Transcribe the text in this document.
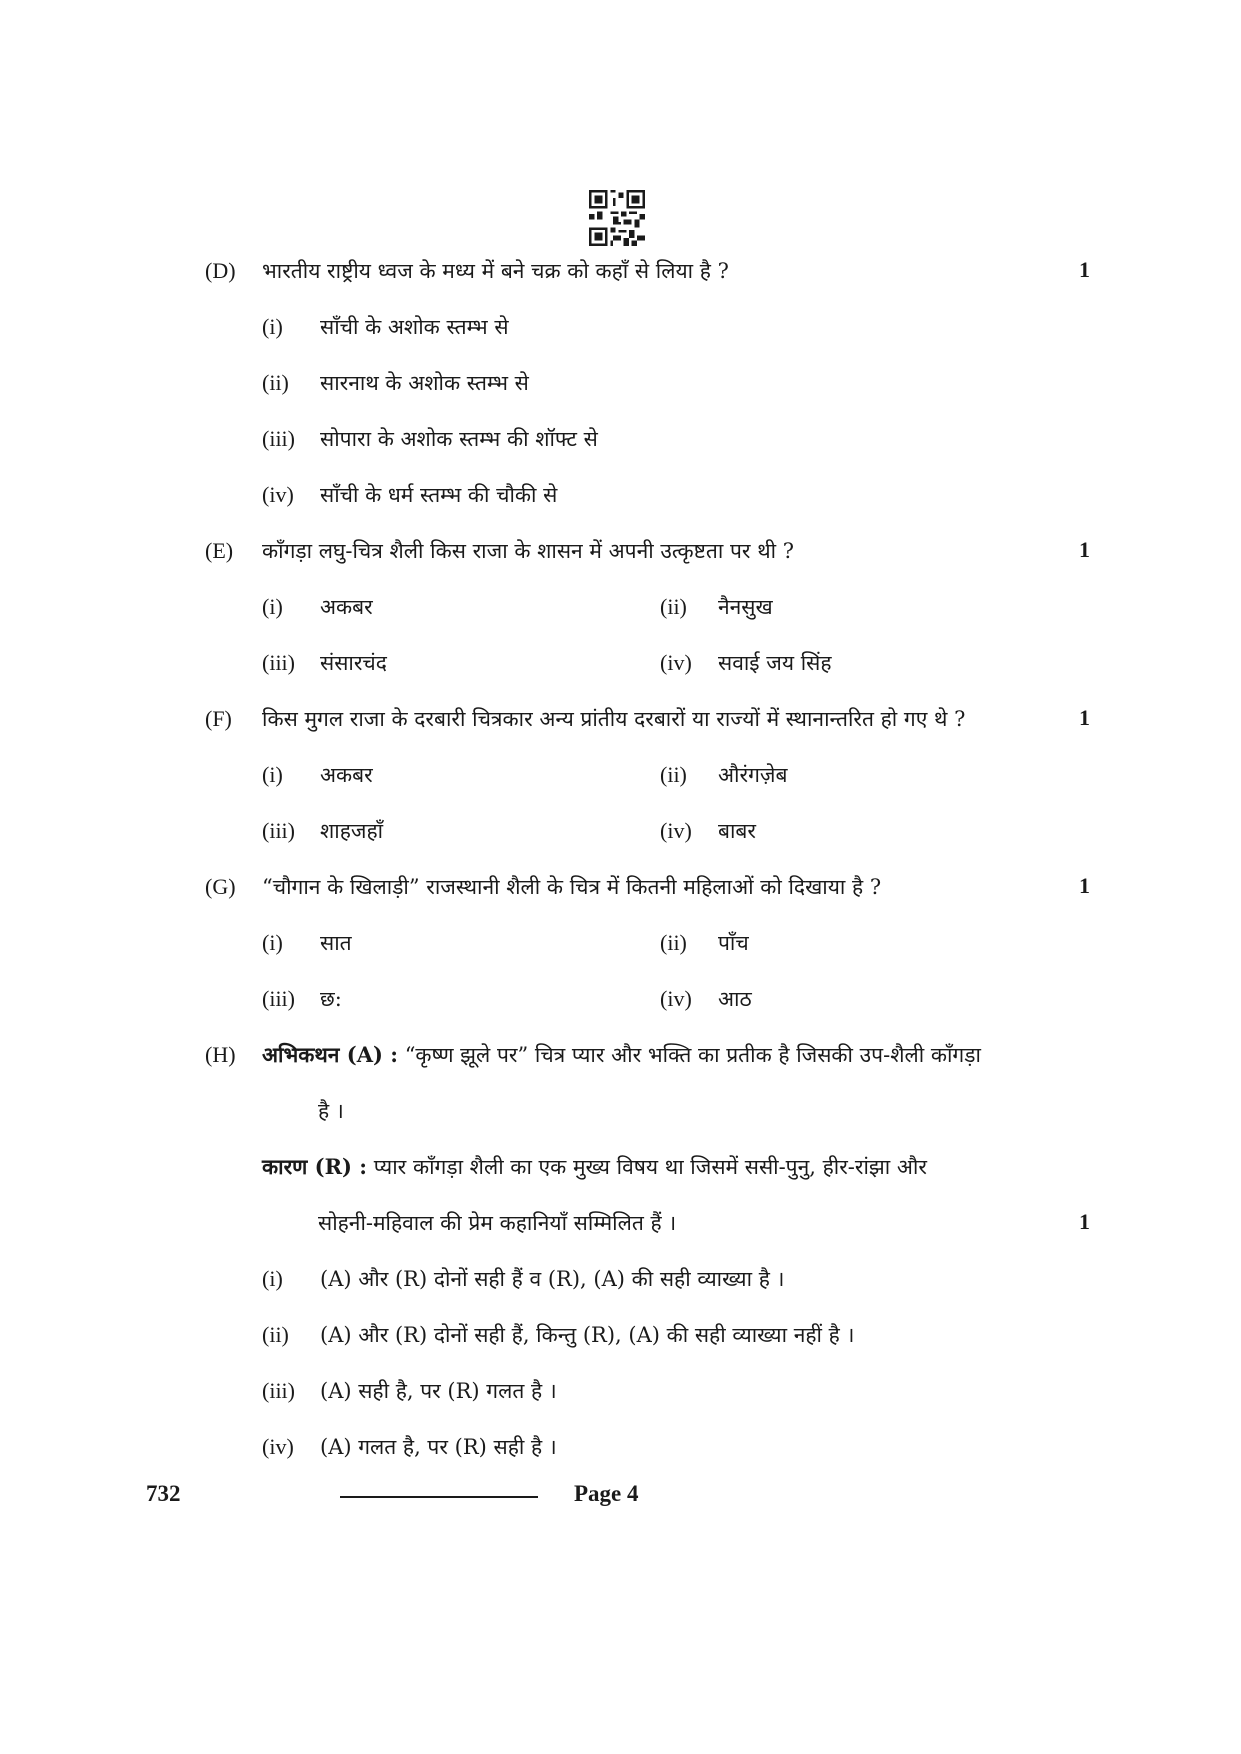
(D) भारतीय राष्ट्रीय ध्वज के मध्य में बने चक्र को कहाँ से लिया है ?	1
(i) साँची के अशोक स्तम्भ से
(ii) सारनाथ के अशोक स्तम्भ से
(iii) सोपारा के अशोक स्तम्भ की शॉफ्ट से
(iv) साँची के धर्म स्तम्भ की चौकी से
(E) काँगड़ा लघु-चित्र शैली किस राजा के शासन में अपनी उत्कृष्टता पर थी ?	1
(i) अकबर	(ii) नैनसुख
(iii) संसारचंद	(iv) सवाई जय सिंह
(F) किस मुगल राजा के दरबारी चित्रकार अन्य प्रांतीय दरबारों या राज्यों में स्थानान्तरित हो गए थे ?	1
(i) अकबर	(ii) औरंगज़ेब
(iii) शाहजहाँ	(iv) बाबर
(G) “चौगान के खिलाड़ी” राजस्थानी शैली के चित्र में कितनी महिलाओं को दिखाया है ?	1
(i) सात	(ii) पाँच
(iii) छ:	(iv) आठ
(H) अभिकथन (A) : “कृष्ण झूले पर” चित्र प्यार और भक्ति का प्रतीक है जिसकी उप-शैली काँगड़ा
है ।
कारण (R) : प्यार काँगड़ा शैली का एक मुख्य विषय था जिसमें ससी-पुनु, हीर-रांझा और
सोहनी-महिवाल की प्रेम कहानियाँ सम्मिलित हैं ।	1
(i) (A) और (R) दोनों सही हैं व (R), (A) की सही व्याख्या है ।
(ii) (A) और (R) दोनों सही हैं, किन्तु (R), (A) की सही व्याख्या नहीं है ।
(iii) (A) सही है, पर (R) गलत है ।
(iv) (A) गलत है, पर (R) सही है ।
732	Page 4
